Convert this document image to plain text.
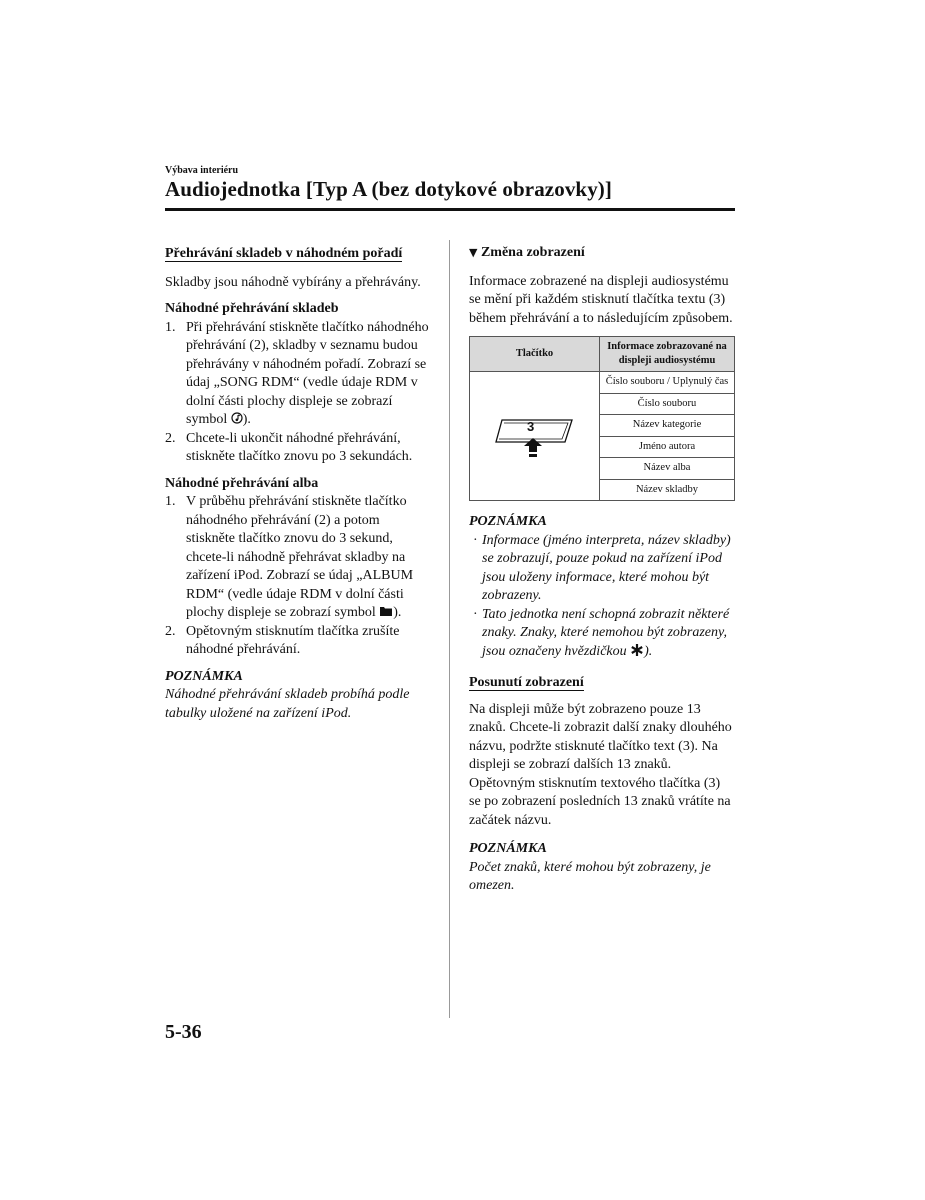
Výbava interiéru
Audiojednotka [Typ A (bez dotykové obrazovky)]
Přehrávání skladeb v náhodném pořadí

Skladby jsou náhodně vybírány a přehrávány.

Náhodné přehrávání skladeb
1. Při přehrávání stiskněte tlačítko náhodného přehrávání (2), skladby v seznamu budou přehrávány v náhodném pořadí. Zobrazí se údaj „SONG RDM“ (vedle údaje RDM v dolní části plochy displeje se zobrazí symbol ).
2. Chcete-li ukončit náhodné přehrávání, stiskněte tlačítko znovu po 3 sekundách.
Náhodné přehrávání alba
1. V průběhu přehrávání stiskněte tlačítko náhodného přehrávání (2) a potom stiskněte tlačítko znovu do 3 sekund, chcete-li náhodně přehrávat skladby na zařízení iPod. Zobrazí se údaj „ALBUM RDM“ (vedle údaje RDM v dolní části plochy displeje se zobrazí symbol ).
2. Opětovným stisknutím tlačítka zrušíte náhodné přehrávání.
POZNÁMKA
Náhodné přehrávání skladeb probíhá podle tabulky uložené na zařízení iPod.
▼ Změna zobrazení

Informace zobrazené na displeji audiosystému se mění při každém stisknutí tlačítka textu (3) během přehrávání a to následujícím způsobem.

Tlačítko	Informace zobrazované na displeji audiosystému

3	Číslo souboru / Uplynulý čas
	Číslo souboru
	Název kategorie
	Jméno autora
	Název alba
	Název skladby
POZNÁMKA
· Informace (jméno interpreta, název skladby) se zobrazují, pouze pokud na zařízení iPod jsou uloženy informace, které mohou být zobrazeny.
· Tato jednotka není schopná zobrazit některé znaky. Znaky, které nemohou být zobrazeny, jsou označeny hvězdičkou ).
Posunutí zobrazení

Na displeji může být zobrazeno pouze 13 znaků. Chcete-li zobrazit další znaky dlouhého názvu, podržte stisknuté tlačítko text (3). Na displeji se zobrazí dalších 13 znaků. Opětovným stisknutím textového tlačítka (3) se po zobrazení posledních 13 znaků vrátíte na začátek názvu.

POZNÁMKA
Počet znaků, které mohou být zobrazeny, je omezen.
5-36
